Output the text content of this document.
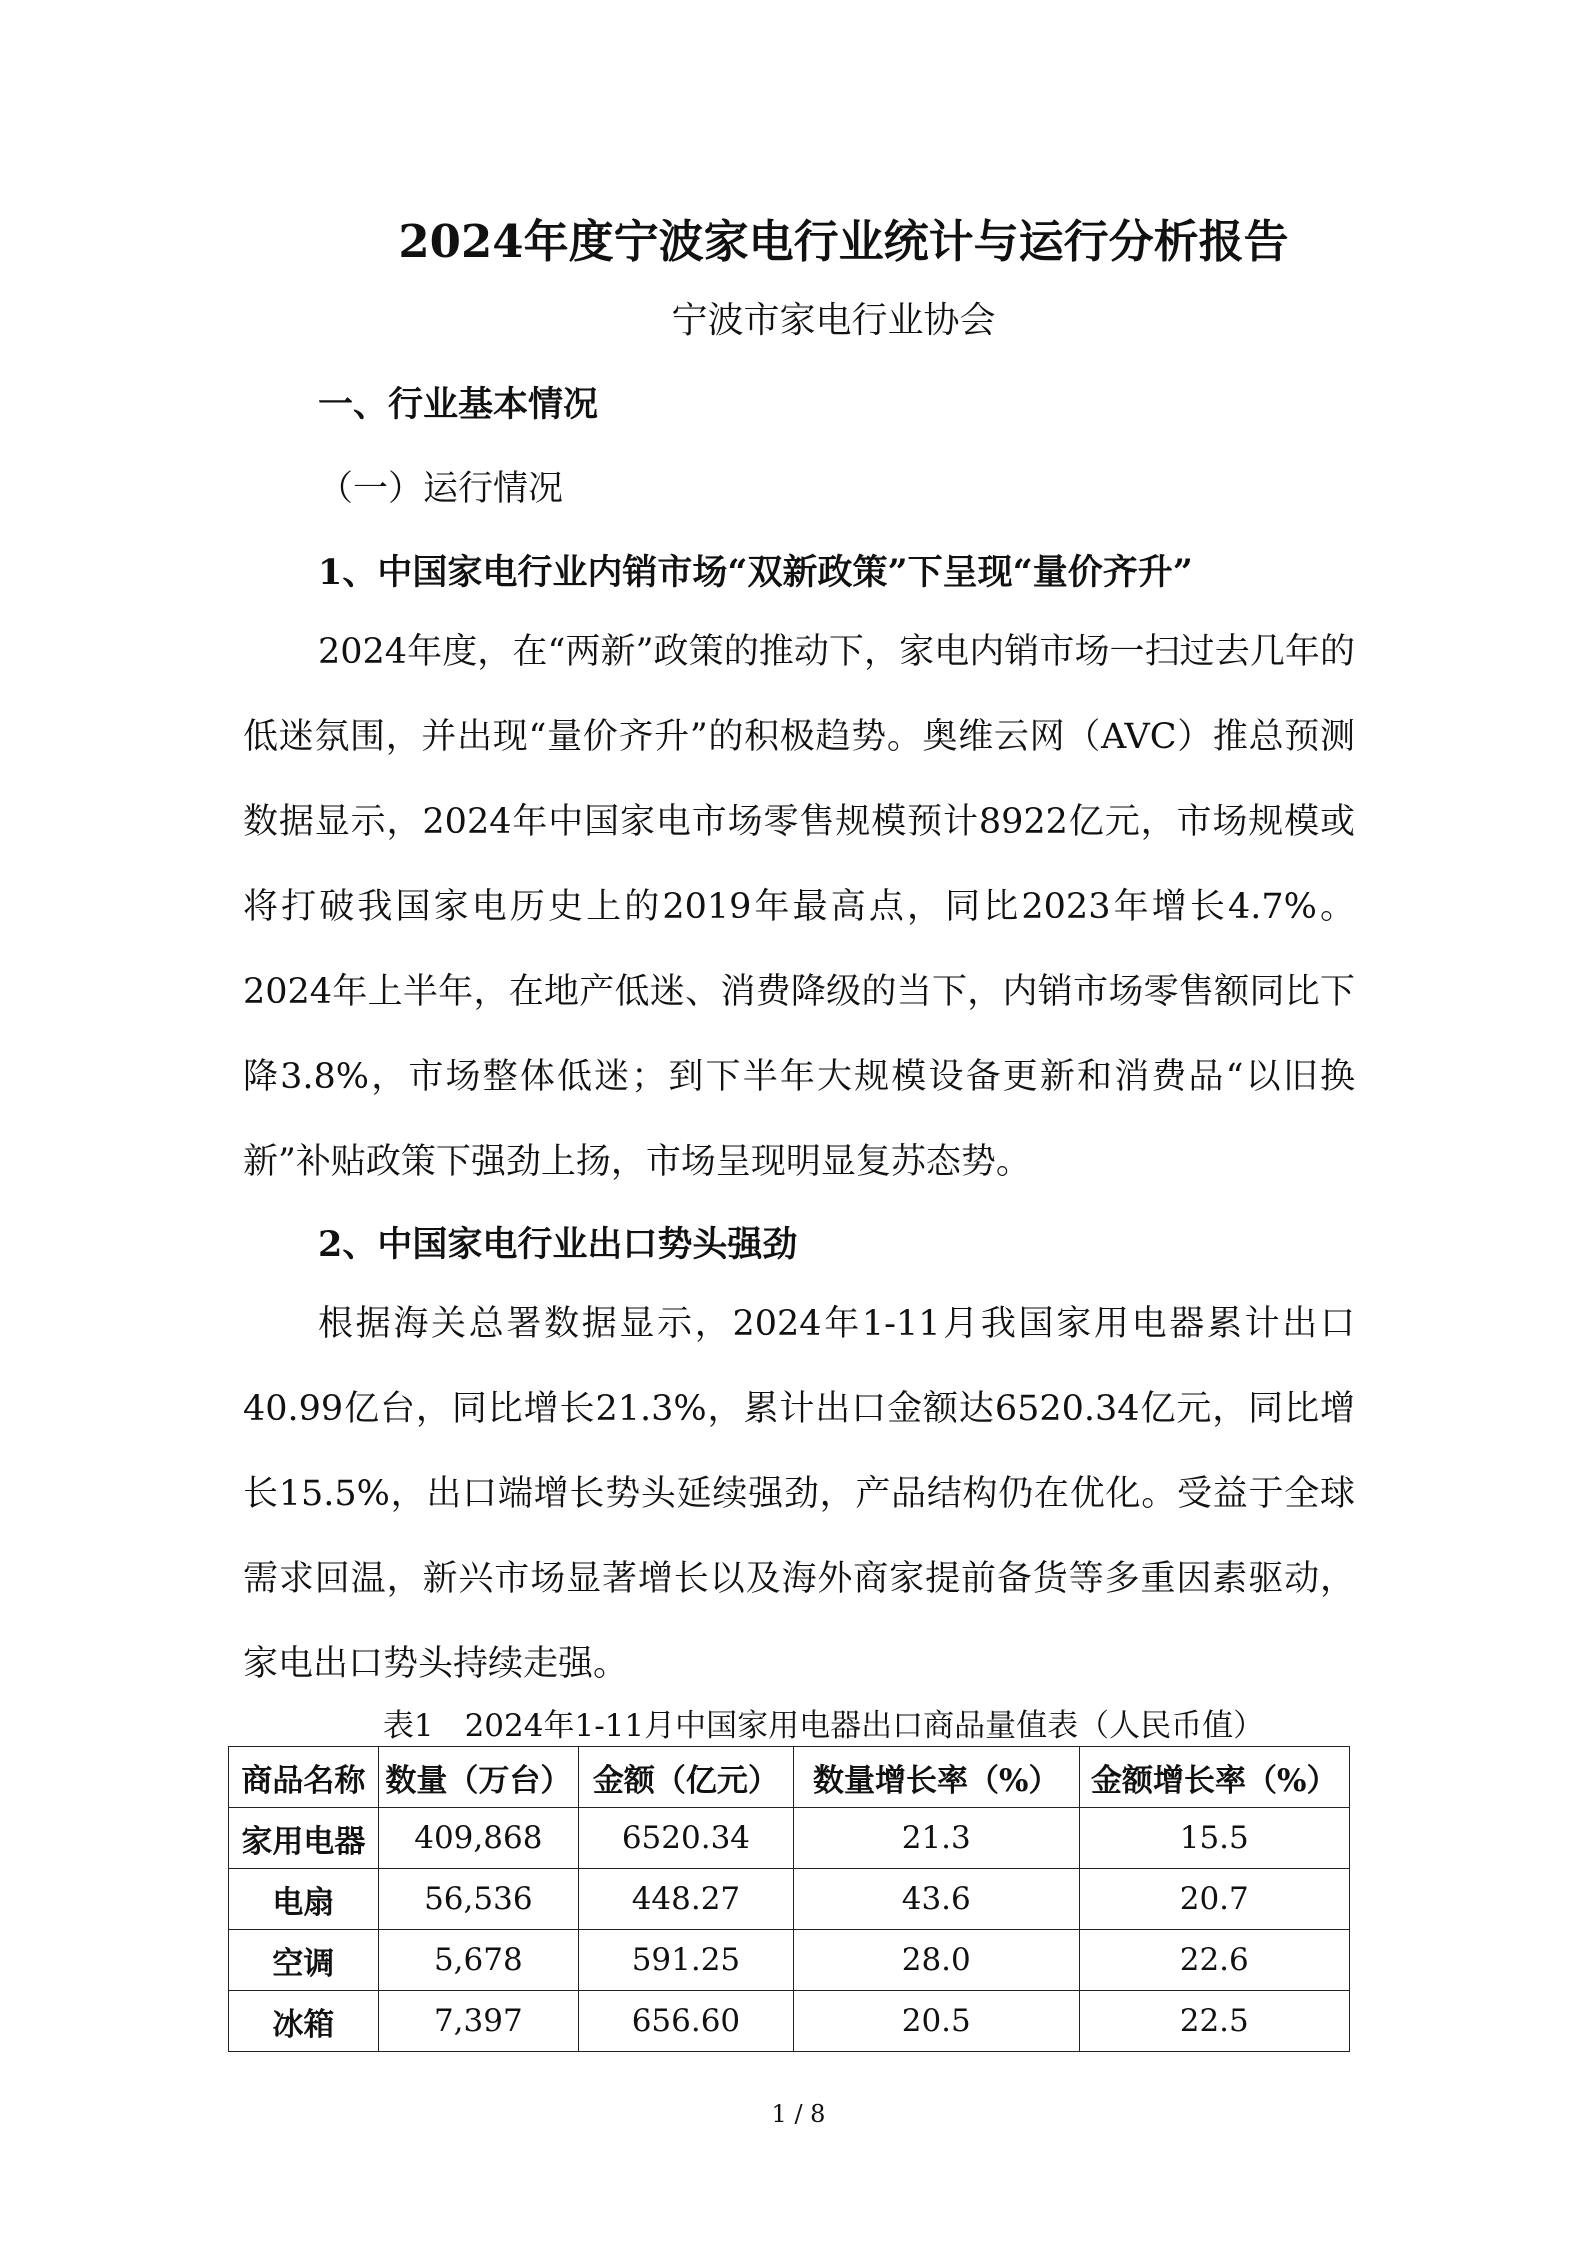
2024年度宁波家电行业统计与运行分析报告
宁波市家电行业协会
一、行业基本情况
（一）运行情况
1、中国家电行业内销市场“双新政策”下呈现“量价齐升”
2024年度，在“两新”政策的推动下，家电内销市场一扫过去几年的低迷氛围，并出现“量价齐升”的积极趋势。奥维云网（AVC）推总预测数据显示，2024年中国家电市场零售规模预计8922亿元，市场规模或将打破我国家电历史上的2019年最高点，同比2023年增长4.7%。2024年上半年，在地产低迷、消费降级的当下，内销市场零售额同比下降3.8%，市场整体低迷；到下半年大规模设备更新和消费品“以旧换新”补贴政策下强劲上扬，市场呈现明显复苏态势。
2、中国家电行业出口势头强劲
根据海关总署数据显示，2024年1-11月我国家用电器累计出口40.99亿台，同比增长21.3%，累计出口金额达6520.34亿元，同比增长15.5%，出口端增长势头延续强劲，产品结构仍在优化。受益于全球需求回温，新兴市场显著增长以及海外商家提前备货等多重因素驱动，家电出口势头持续走强。
表1　2024年1-11月中国家用电器出口商品量值表（人民币值）
商品名称	数量（万台）	金额（亿元）	数量增长率（%）	金额增长率（%）
家用电器	409,868	6520.34	21.3	15.5
电扇	56,536	448.27	43.6	20.7
空调	5,678	591.25	28.0	22.6
冰箱	7,397	656.60	20.5	22.5
1 / 8
